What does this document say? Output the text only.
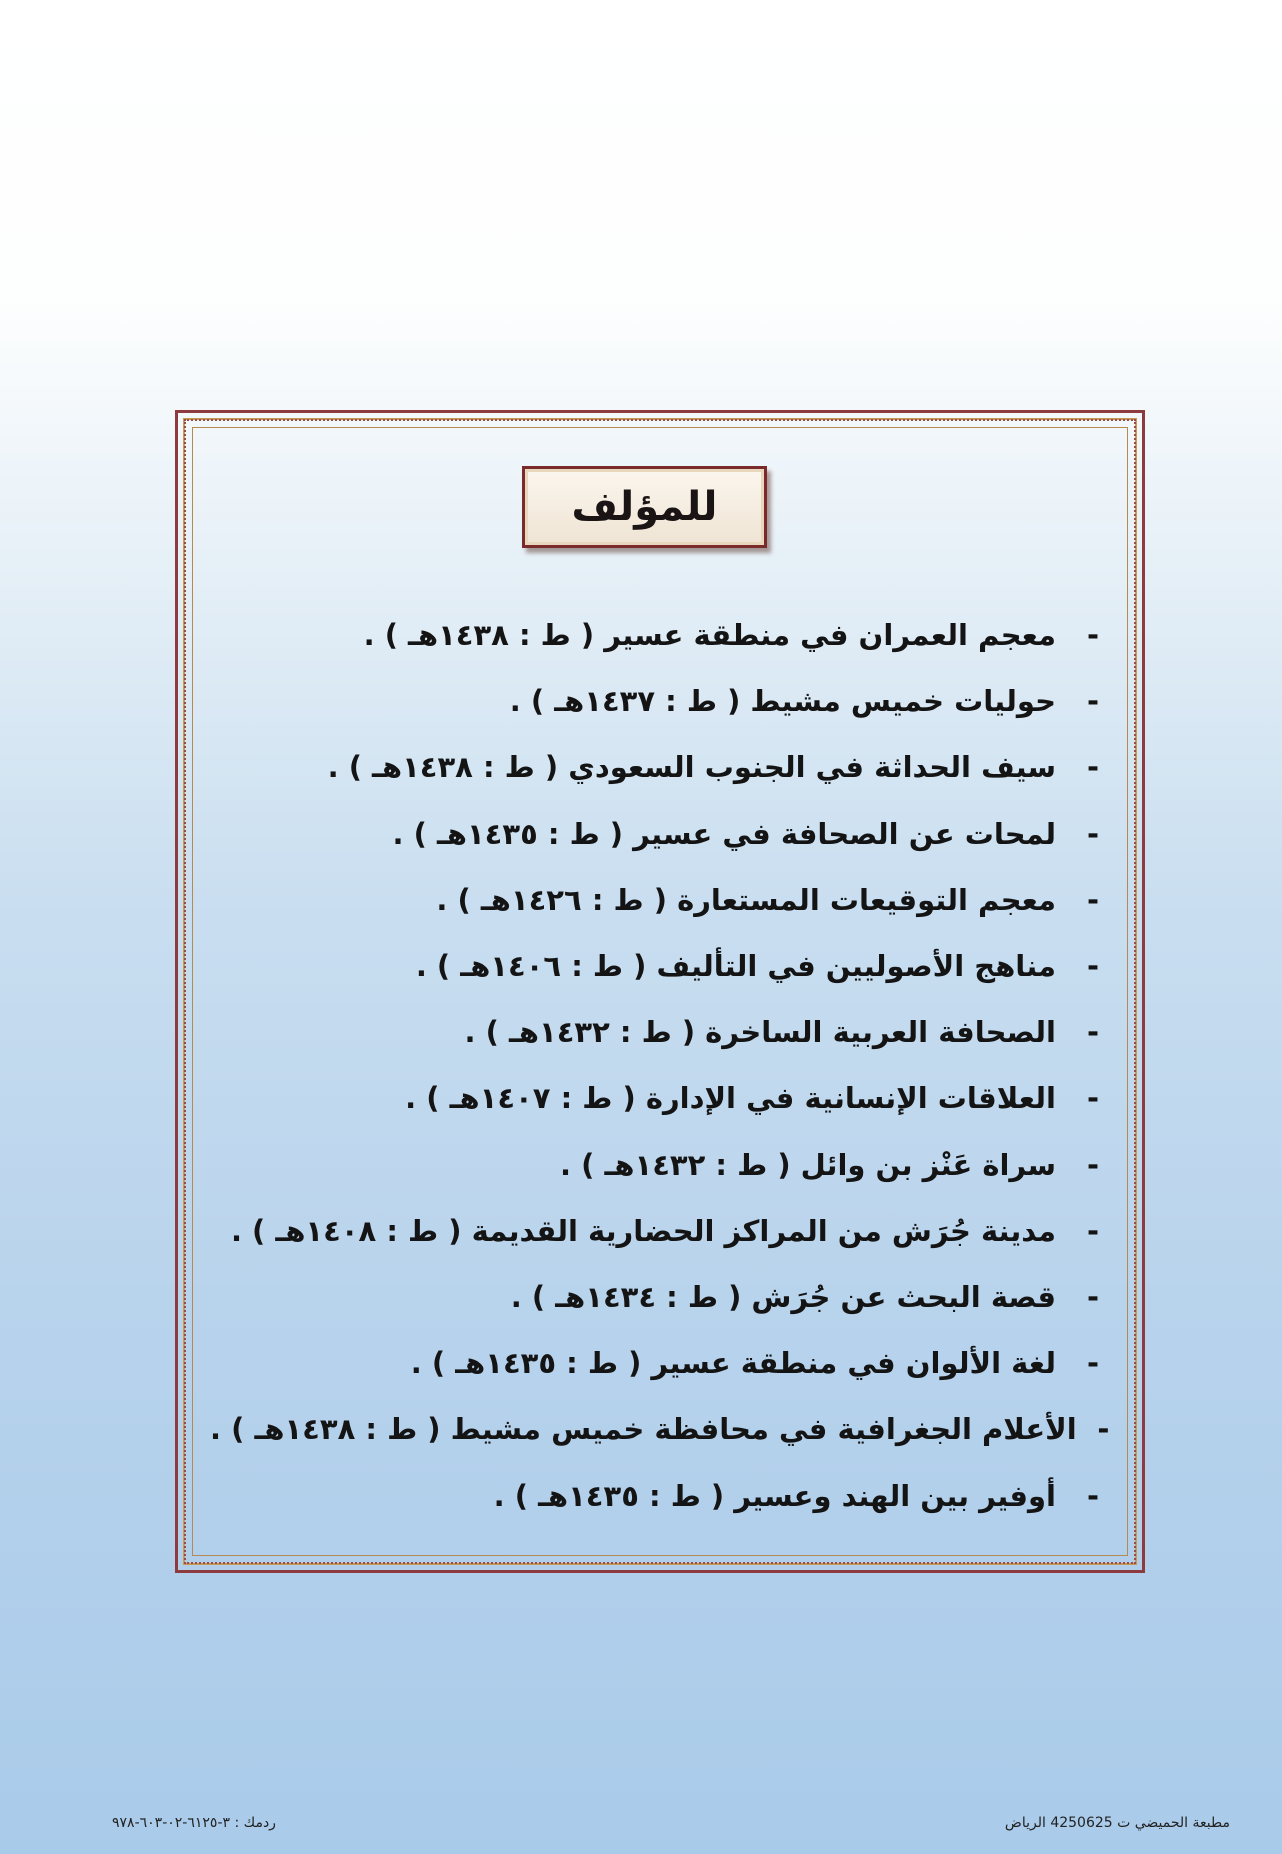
للمؤلف
-
معجم العمران في منطقة عسير ( ط : ١٤٣٨هـ ) .
-
حوليات خميس مشيط ( ط : ١٤٣٧هـ ) .
-
سيف الحداثة في الجنوب السعودي ( ط : ١٤٣٨هـ ) .
-
لمحات عن الصحافة في عسير ( ط : ١٤٣٥هـ ) .
-
معجم التوقيعات المستعارة ( ط : ١٤٢٦هـ ) .
-
مناهج الأصوليين في التأليف ( ط : ١٤٠٦هـ ) .
-
الصحافة العربية الساخرة ( ط : ١٤٣٢هـ ) .
-
العلاقات الإنسانية في الإدارة ( ط : ١٤٠٧هـ ) .
-
سراة عَنْز بن وائل ( ط : ١٤٣٢هـ ) .
-
مدينة جُرَش من المراكز الحضارية القديمة ( ط : ١٤٠٨هـ ) .
-
قصة البحث عن جُرَش ( ط : ١٤٣٤هـ ) .
-
لغة الألوان في منطقة عسير ( ط : ١٤٣٥هـ ) .
-
الأعلام الجغرافية في محافظة خميس مشيط ( ط : ١٤٣٨هـ ) .
-
أوفير بين الهند وعسير ( ط : ١٤٣٥هـ ) .
ردمك : ٣-٦١٢٥-٠٢-٦٠٣-٩٧٨	مطبعة الحميضي ت 4250625 الرياض
